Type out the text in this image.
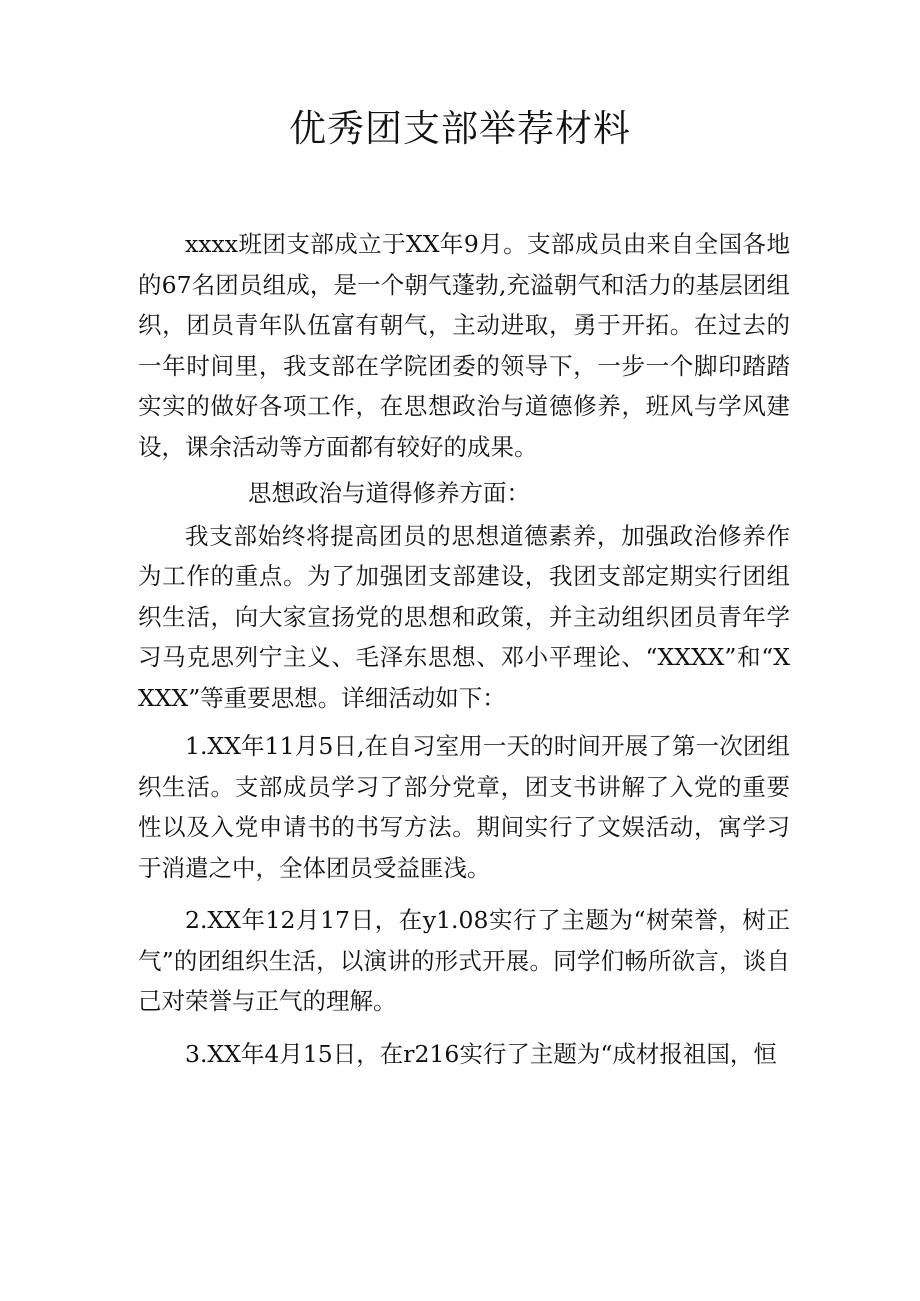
优秀团支部举荐材料

xxxx班团支部成立于XX年9月。支部成员由来自全国各地的67名团员组成，是一个朝气蓬勃,充溢朝气和活力的基层团组织，团员青年队伍富有朝气，主动进取，勇于开拓。在过去的一年时间里，我支部在学院团委的领导下，一步一个脚印踏踏实实的做好各项工作，在思想政治与道德修养，班风与学风建设，课余活动等方面都有较好的成果。

思想政治与道得修养方面：

我支部始终将提高团员的思想道德素养，加强政治修养作为工作的重点。为了加强团支部建设，我团支部定期实行团组织生活，向大家宣扬党的思想和政策，并主动组织团员青年学习马克思列宁主义、毛泽东思想、邓小平理论、“XXXX”和“XXXX”等重要思想。详细活动如下：

1.XX年11月5日,在自习室用一天的时间开展了第一次团组织生活。支部成员学习了部分党章，团支书讲解了入党的重要性以及入党申请书的书写方法。期间实行了文娱活动，寓学习于消遣之中，全体团员受益匪浅。

2.XX年12月17日，在y1.08实行了主题为“树荣誉，树正气”的团组织生活，以演讲的形式开展。同学们畅所欲言，谈自己对荣誉与正气的理解。

3.XX年4月15日，在r216实行了主题为“成材报祖国，恒
